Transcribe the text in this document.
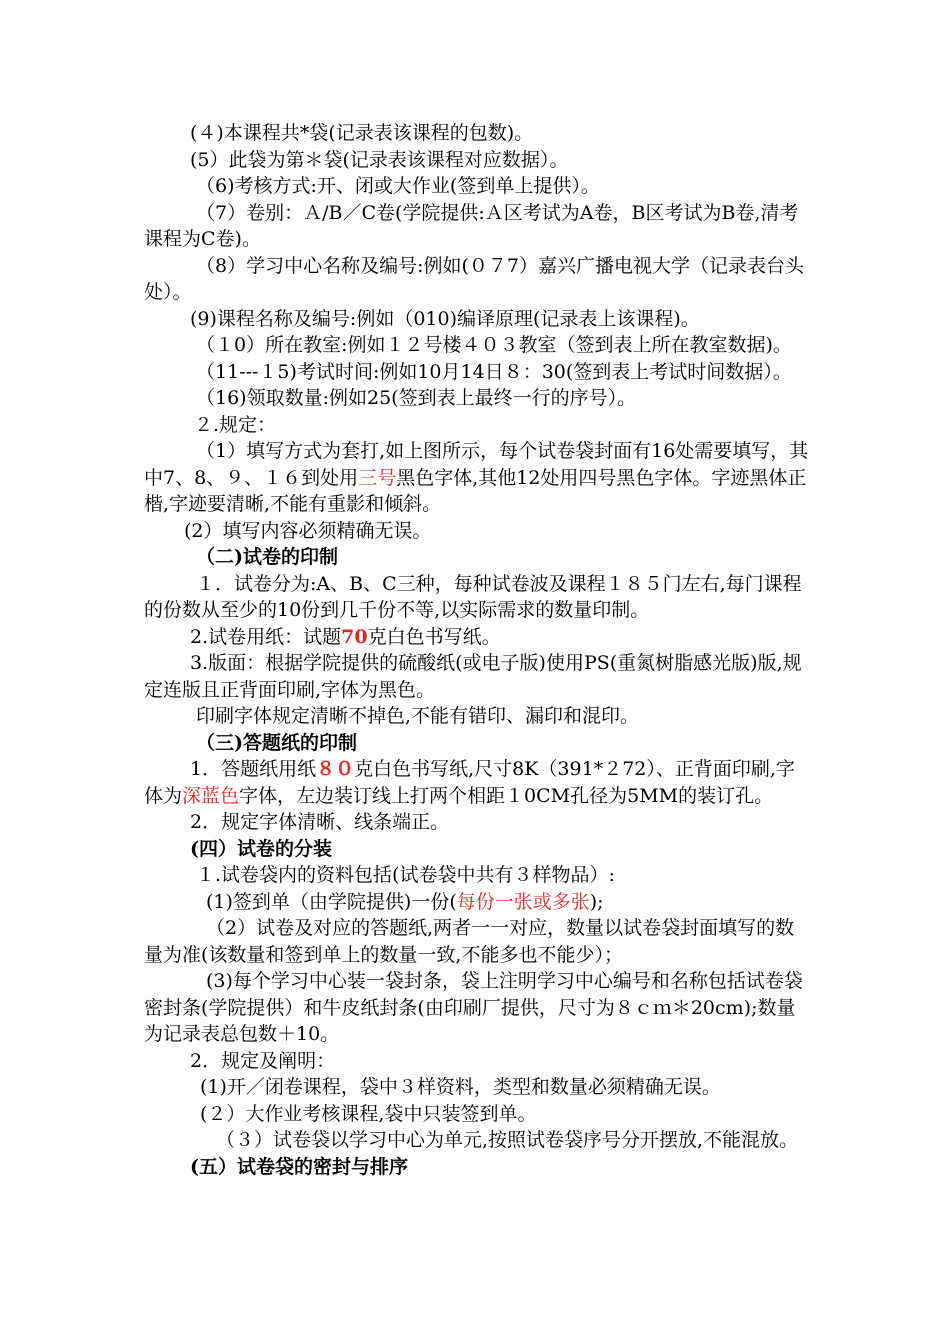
(４)本课程共*袋(记录表该课程的包数)。

(5）此袋为第＊袋(记录表该课程对应数据）。

（6)考核方式:开、闭或大作业(签到单上提供）。

（7）卷别：Ａ/B／C卷(学院提供:Ａ区考试为A卷，B区考试为B卷,清考课程为C卷)。

（8）学习中心名称及编号:例如(０７7）嘉兴广播电视大学（记录表台头处）。

(9)课程名称及编号:例如（010)编译原理(记录表上该课程)。

（１0）所在教室:例如１２号楼４０３教室（签到表上所在教室数据)。

（11---１5)考试时间:例如10月14日８：30(签到表上考试时间数据）。

（16)领取数量:例如25(签到表上最终一行的序号）。

２.规定：

（1）填写方式为套打,如上图所示，每个试卷袋封面有16处需要填写，其中7、8、９、１６到处用三号黑色字体,其他12处用四号黑色字体。字迹黑体正楷,字迹要清晰,不能有重影和倾斜。

(2）填写内容必须精确无误。

（二)试卷的印制

１．试卷分为:A、B、C三种，每种试卷波及课程１８５门左右,每门课程的份数从至少的10份到几千份不等,以实际需求的数量印制。

2.试卷用纸：试题70克白色书写纸。

3.版面：根据学院提供的硫酸纸(或电子版)使用PS(重氮树脂感光版)版,规定连版且正背面印刷,字体为黑色。

印刷字体规定清晰不掉色,不能有错印、漏印和混印。

（三)答题纸的印制

1．答题纸用纸８０克白色书写纸,尺寸8K（391*２72）、正背面印刷,字体为深蓝色字体，左边装订线上打两个相距１0CM孔径为5MM的装订孔。

2．规定字体清晰、线条端正。

(四）试卷的分装

１.试卷袋内的资料包括(试卷袋中共有３样物品）:

(1)签到单（由学院提供)一份(每份一张或多张);

（2）试卷及对应的答题纸,两者一一对应，数量以试卷袋封面填写的数量为准(该数量和签到单上的数量一致,不能多也不能少）；

(3)每个学习中心装一袋封条，袋上注明学习中心编号和名称包括试卷袋密封条(学院提供）和牛皮纸封条(由印刷厂提供，尺寸为８ｃｍ＊20cm);数量为记录表总包数＋10。

2．规定及阐明：

(1)开／闭卷课程，袋中３样资料，类型和数量必须精确无误。

(２）大作业考核课程,袋中只装签到单。

（３）试卷袋以学习中心为单元,按照试卷袋序号分开摆放,不能混放。

(五）试卷袋的密封与排序
